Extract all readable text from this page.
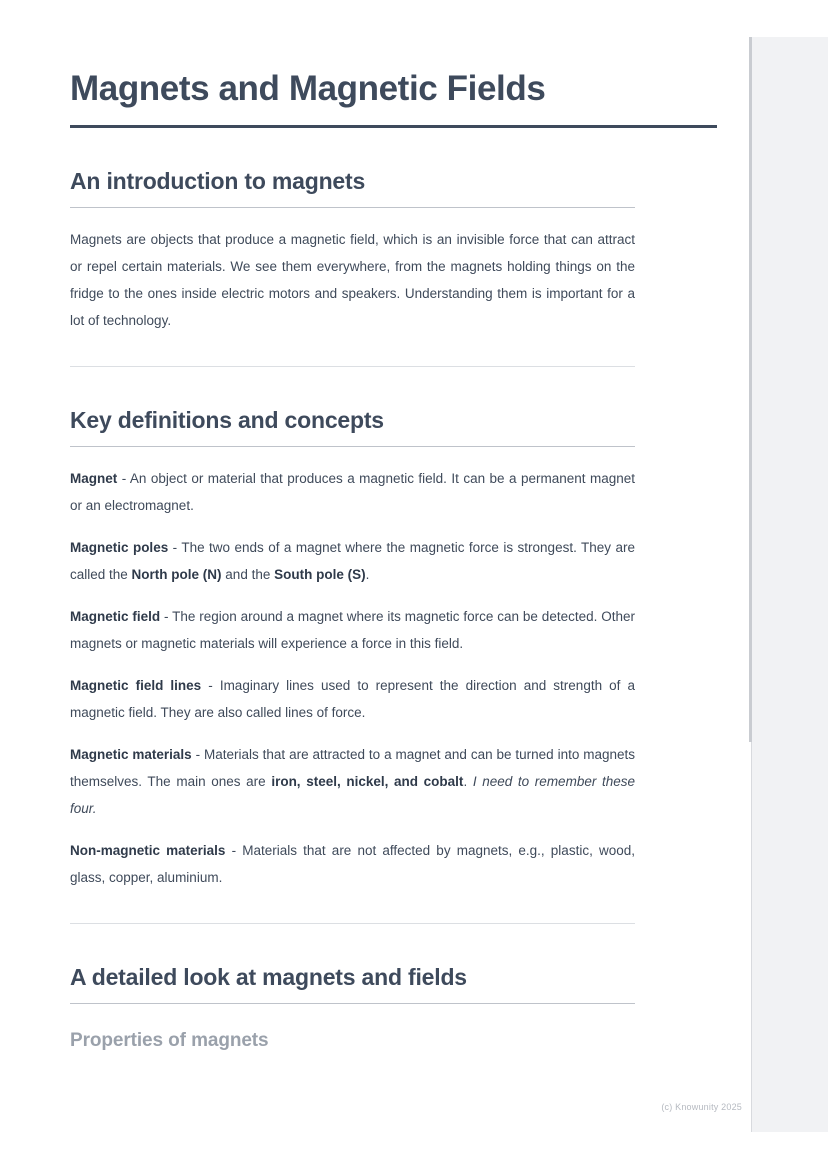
Magnets and Magnetic Fields
An introduction to magnets

Magnets are objects that produce a magnetic field, which is an invisible force that can attract or repel certain materials. We see them everywhere, from the magnets holding things on the fridge to the ones inside electric motors and speakers. Understanding them is important for a lot of technology.

Key definitions and concepts

Magnet - An object or material that produces a magnetic field. It can be a permanent magnet or an electromagnet.

Magnetic poles - The two ends of a magnet where the magnetic force is strongest. They are called the North pole (N) and the South pole (S).

Magnetic field - The region around a magnet where its magnetic force can be detected. Other magnets or magnetic materials will experience a force in this field.

Magnetic field lines - Imaginary lines used to represent the direction and strength of a magnetic field. They are also called lines of force.

Magnetic materials - Materials that are attracted to a magnet and can be turned into magnets themselves. The main ones are iron, steel, nickel, and cobalt. I need to remember these four.

Non-magnetic materials - Materials that are not affected by magnets, e.g., plastic, wood, glass, copper, aluminium.

A detailed look at magnets and fields
Properties of magnets
(c) Knowunity 2025
